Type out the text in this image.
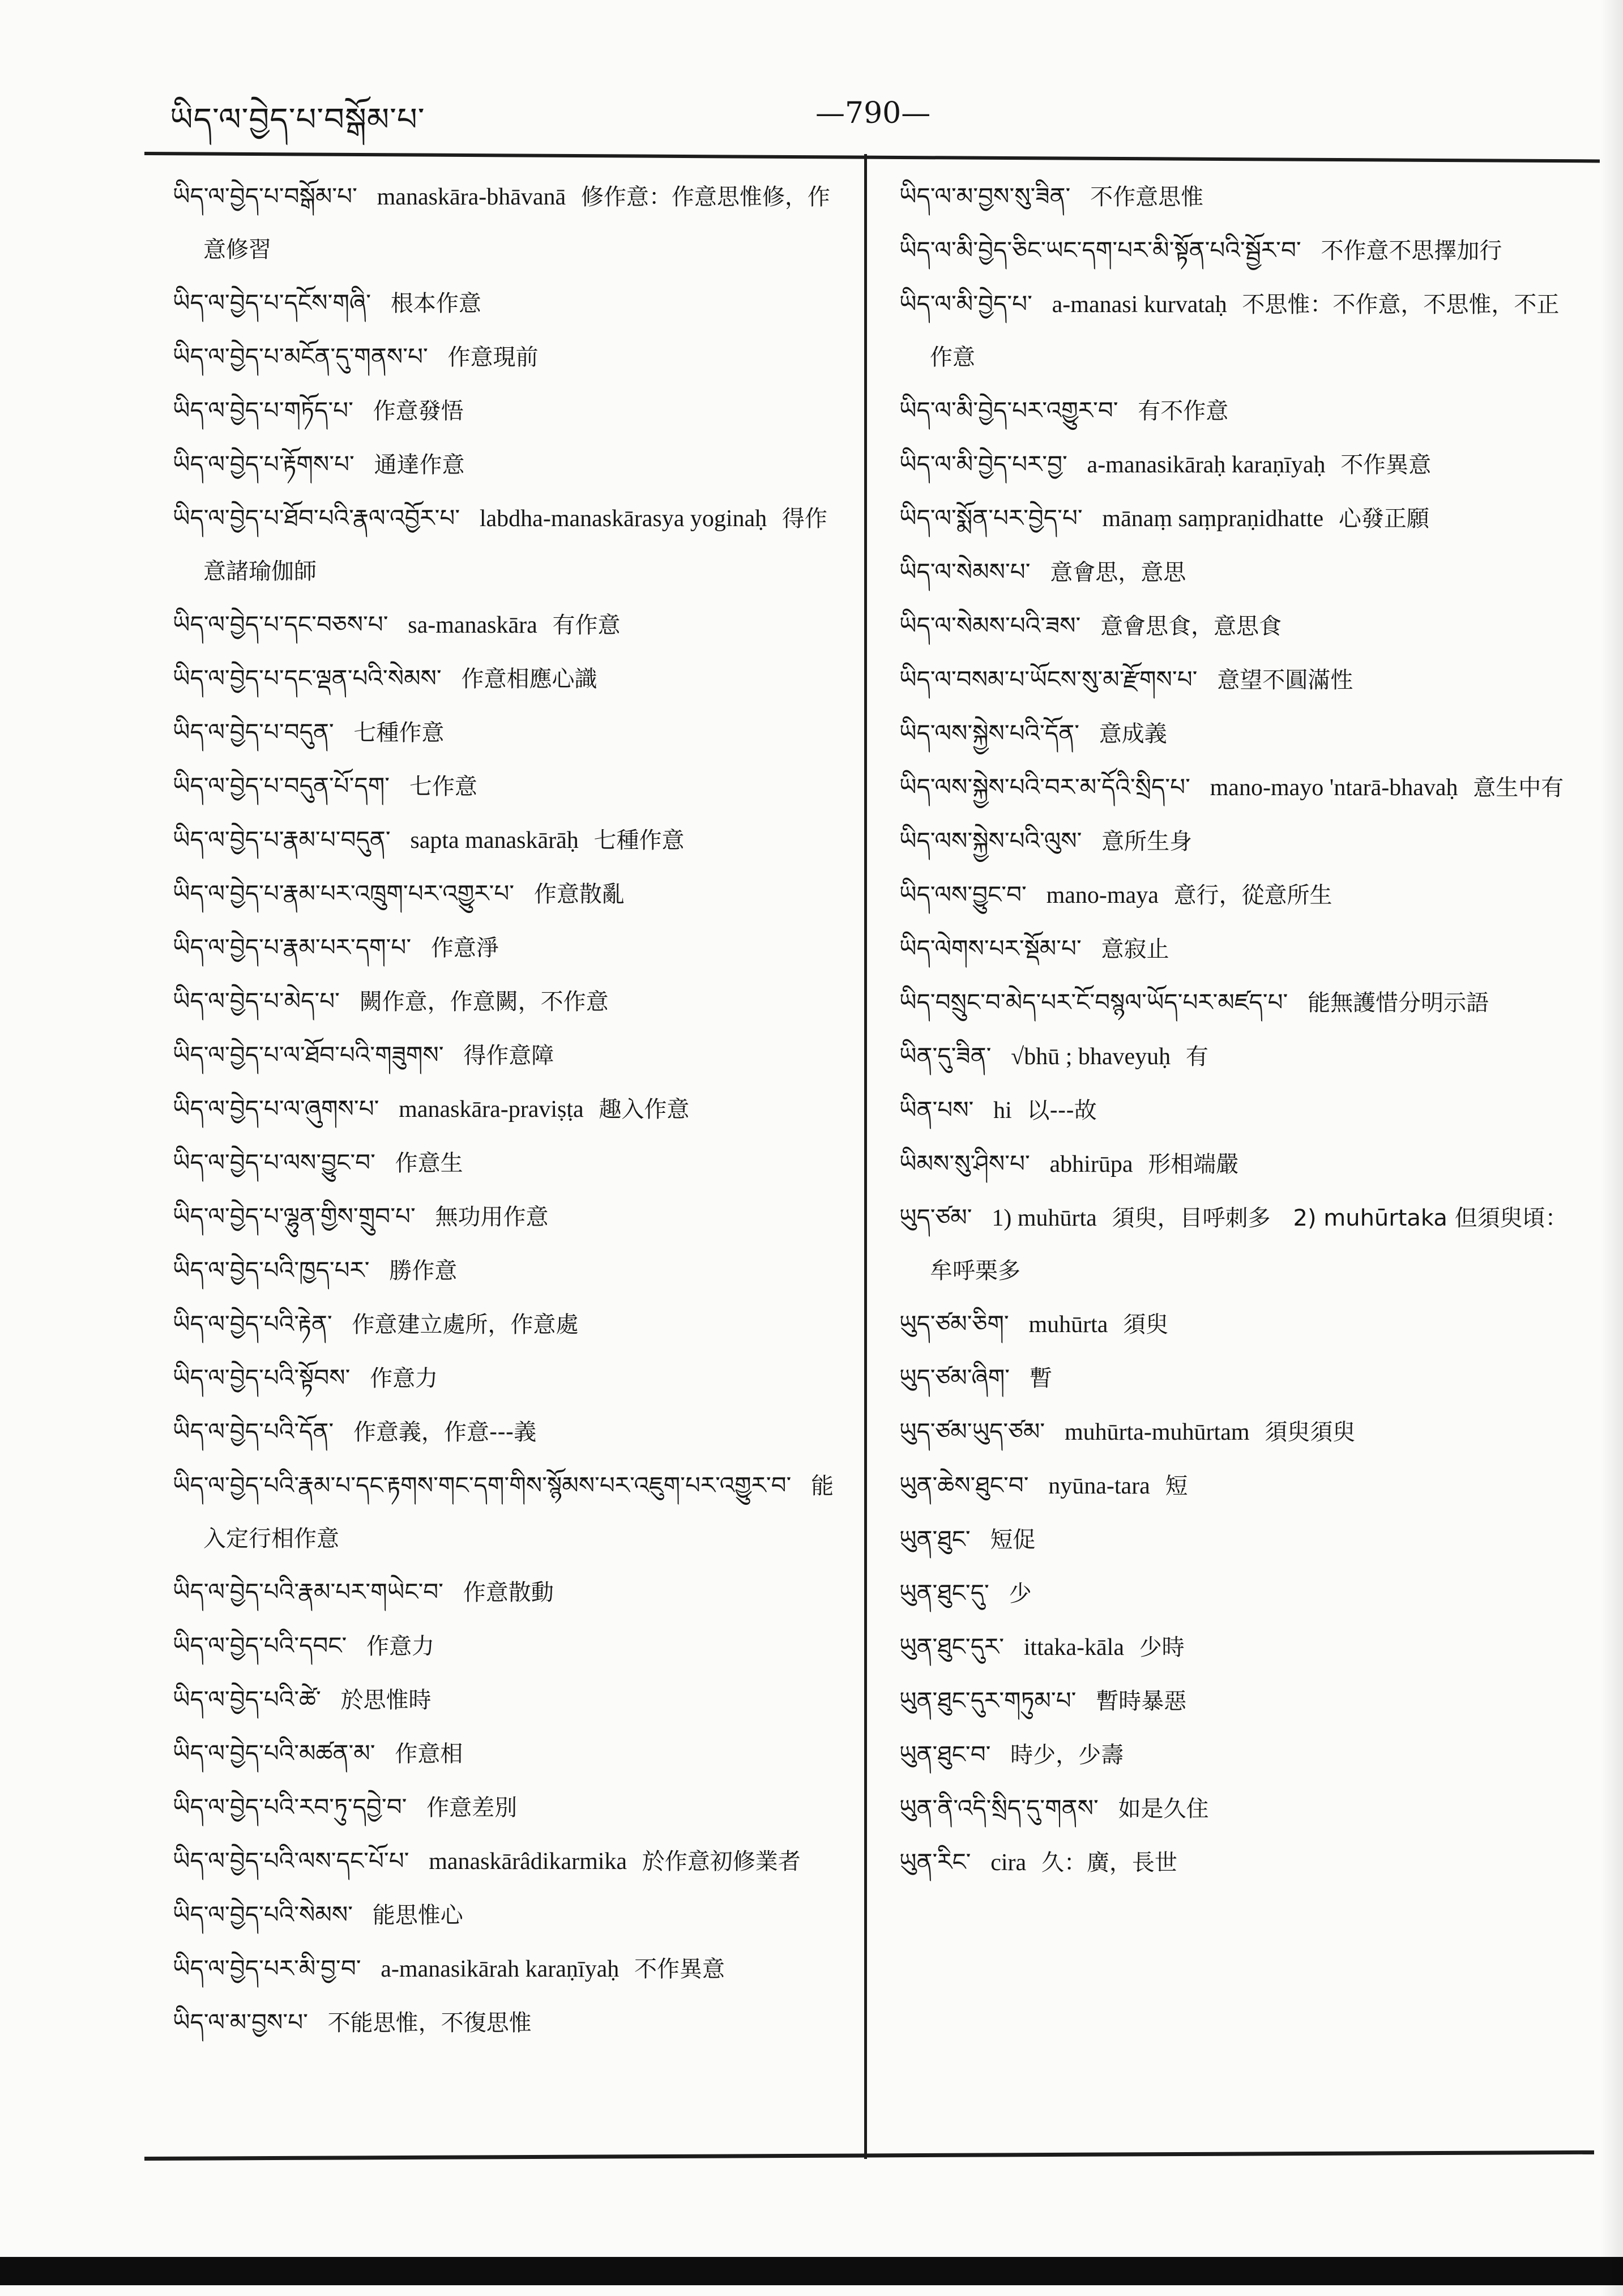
ཡིད་ལ་བྱེད་པ་བསྒོམ་པ་	—790—

ཡིད་ལ་བྱེད་པ་བསྒོམ་པ་ manaskāra-bhāvanā 修作意：作意思惟修，作意修習

ཡིད་ལ་བྱེད་པ་དངོས་གཞི་ 根本作意

ཡིད་ལ་བྱེད་པ་མངོན་དུ་གནས་པ་ 作意現前

ཡིད་ལ་བྱེད་པ་གཏོད་པ་ 作意發悟

ཡིད་ལ་བྱེད་པ་རྟོགས་པ་ 通達作意

ཡིད་ལ་བྱེད་པ་ཐོབ་པའི་རྣལ་འབྱོར་པ་ labdha-manaskārasya yoginaḥ 得作意諸瑜伽師

ཡིད་ལ་བྱེད་པ་དང་བཅས་པ་ sa-manaskāra 有作意

ཡིད་ལ་བྱེད་པ་དང་ལྡན་པའི་སེམས་ 作意相應心識

ཡིད་ལ་བྱེད་པ་བདུན་ 七種作意

ཡིད་ལ་བྱེད་པ་བདུན་པོ་དག་ 七作意

ཡིད་ལ་བྱེད་པ་རྣམ་པ་བདུན་ sapta manaskārāḥ 七種作意

ཡིད་ལ་བྱེད་པ་རྣམ་པར་འཁྲུག་པར་འགྱུར་པ་ 作意散亂

ཡིད་ལ་བྱེད་པ་རྣམ་པར་དག་པ་ 作意淨

ཡིད་ལ་བྱེད་པ་མེད་པ་ 闕作意，作意闕，不作意

ཡིད་ལ་བྱེད་པ་ལ་ཐོབ་པའི་གཟུགས་ 得作意障

ཡིད་ལ་བྱེད་པ་ལ་ཞུགས་པ་ manaskāra-praviṣṭa 趣入作意

ཡིད་ལ་བྱེད་པ་ལས་བྱུང་བ་ 作意生

ཡིད་ལ་བྱེད་པ་ལྷུན་གྱིས་གྲུབ་པ་ 無功用作意

ཡིད་ལ་བྱེད་པའི་ཁྱད་པར་ 勝作意

ཡིད་ལ་བྱེད་པའི་རྟེན་ 作意建立處所，作意處

ཡིད་ལ་བྱེད་པའི་སྟོབས་ 作意力

ཡིད་ལ་བྱེད་པའི་དོན་ 作意義，作意---義

ཡིད་ལ་བྱེད་པའི་རྣམ་པ་དང་རྟགས་གང་དག་གིས་སྙོམས་པར་འཇུག་པར་འགྱུར་བ་ 能入定行相作意

ཡིད་ལ་བྱེད་པའི་རྣམ་པར་གཡེང་བ་ 作意散動

ཡིད་ལ་བྱེད་པའི་དབང་ 作意力

ཡིད་ལ་བྱེད་པའི་ཚེ་ 於思惟時

ཡིད་ལ་བྱེད་པའི་མཚན་མ་ 作意相

ཡིད་ལ་བྱེད་པའི་རབ་ཏུ་དབྱེ་བ་ 作意差別

ཡིད་ལ་བྱེད་པའི་ལས་དང་པོ་པ་ manaskārâdikarmika 於作意初修業者

ཡིད་ལ་བྱེད་པའི་སེམས་ 能思惟心

ཡིད་ལ་བྱེད་པར་མི་བྱ་བ་ a-manasikārah karaṇīyaḥ 不作異意

ཡིད་ལ་མ་བྱས་པ་ 不能思惟，不復思惟

ཡིད་ལ་མ་བྱས་སུ་ཟིན་ 不作意思惟

ཡིད་ལ་མི་བྱེད་ཅིང་ཡང་དག་པར་མི་སྟོན་པའི་སྦྱོར་བ་ 不作意不思擇加行

ཡིད་ལ་མི་བྱེད་པ་ a-manasi kurvataḥ 不思惟：不作意，不思惟，不正作意

ཡིད་ལ་མི་བྱེད་པར་འགྱུར་བ་ 有不作意

ཡིད་ལ་མི་བྱེད་པར་བྱ་ a-manasikāraḥ karaṇīyaḥ 不作異意

ཡིད་ལ་སྨོན་པར་བྱེད་པ་ mānaṃ saṃpraṇidhatte 心發正願

ཡིད་ལ་སེམས་པ་ 意會思，意思

ཡིད་ལ་སེམས་པའི་ཟས་ 意會思食，意思食

ཡིད་ལ་བསམ་པ་ཡོངས་སུ་མ་རྫོགས་པ་ 意望不圓滿性

ཡིད་ལས་སྐྱེས་པའི་དོན་ 意成義

ཡིད་ལས་སྐྱེས་པའི་བར་མ་དོའི་སྲིད་པ་ mano-mayo 'ntarā-bhavaḥ 意生中有

ཡིད་ལས་སྐྱེས་པའི་ལུས་ 意所生身

ཡིད་ལས་བྱུང་བ་ mano-maya 意行，從意所生

ཡིད་ལེགས་པར་སྡོམ་པ་ 意寂止

ཡིད་བསྲུང་བ་མེད་པར་ངོ་བསྙལ་ཡོད་པར་མཛད་པ་ 能無護惜分明示語

ཡིན་དུ་ཟིན་ √bhū ; bhaveyuḥ 有

ཡིན་པས་ hi 以---故

ཡིམས་སུ་ཤིས་པ་ abhirūpa 形相端嚴

ཡུད་ཙམ་ 1) muhūrta 須臾，目呼刺多　2) muhūrtaka 但須臾頃：牟呼栗多

ཡུད་ཙམ་ཅིག་ muhūrta 須臾

ཡུད་ཙམ་ཞིག་ 暫

ཡུད་ཙམ་ཡུད་ཙམ་ muhūrta-muhūrtam 須臾須臾

ཡུན་ཆེས་ཐུང་བ་ nyūna-tara 短

ཡུན་ཐུང་ 短促

ཡུན་ཐུང་དུ་ 少

ཡུན་ཐུང་དུར་ ittaka-kāla 少時

ཡུན་ཐུང་དུར་གཏུམ་པ་ 暫時暴惡

ཡུན་ཐུང་བ་ 時少，少壽

ཡུན་ནི་འདི་སྲིད་དུ་གནས་ 如是久住

ཡུན་རིང་ cira 久：廣，長世
